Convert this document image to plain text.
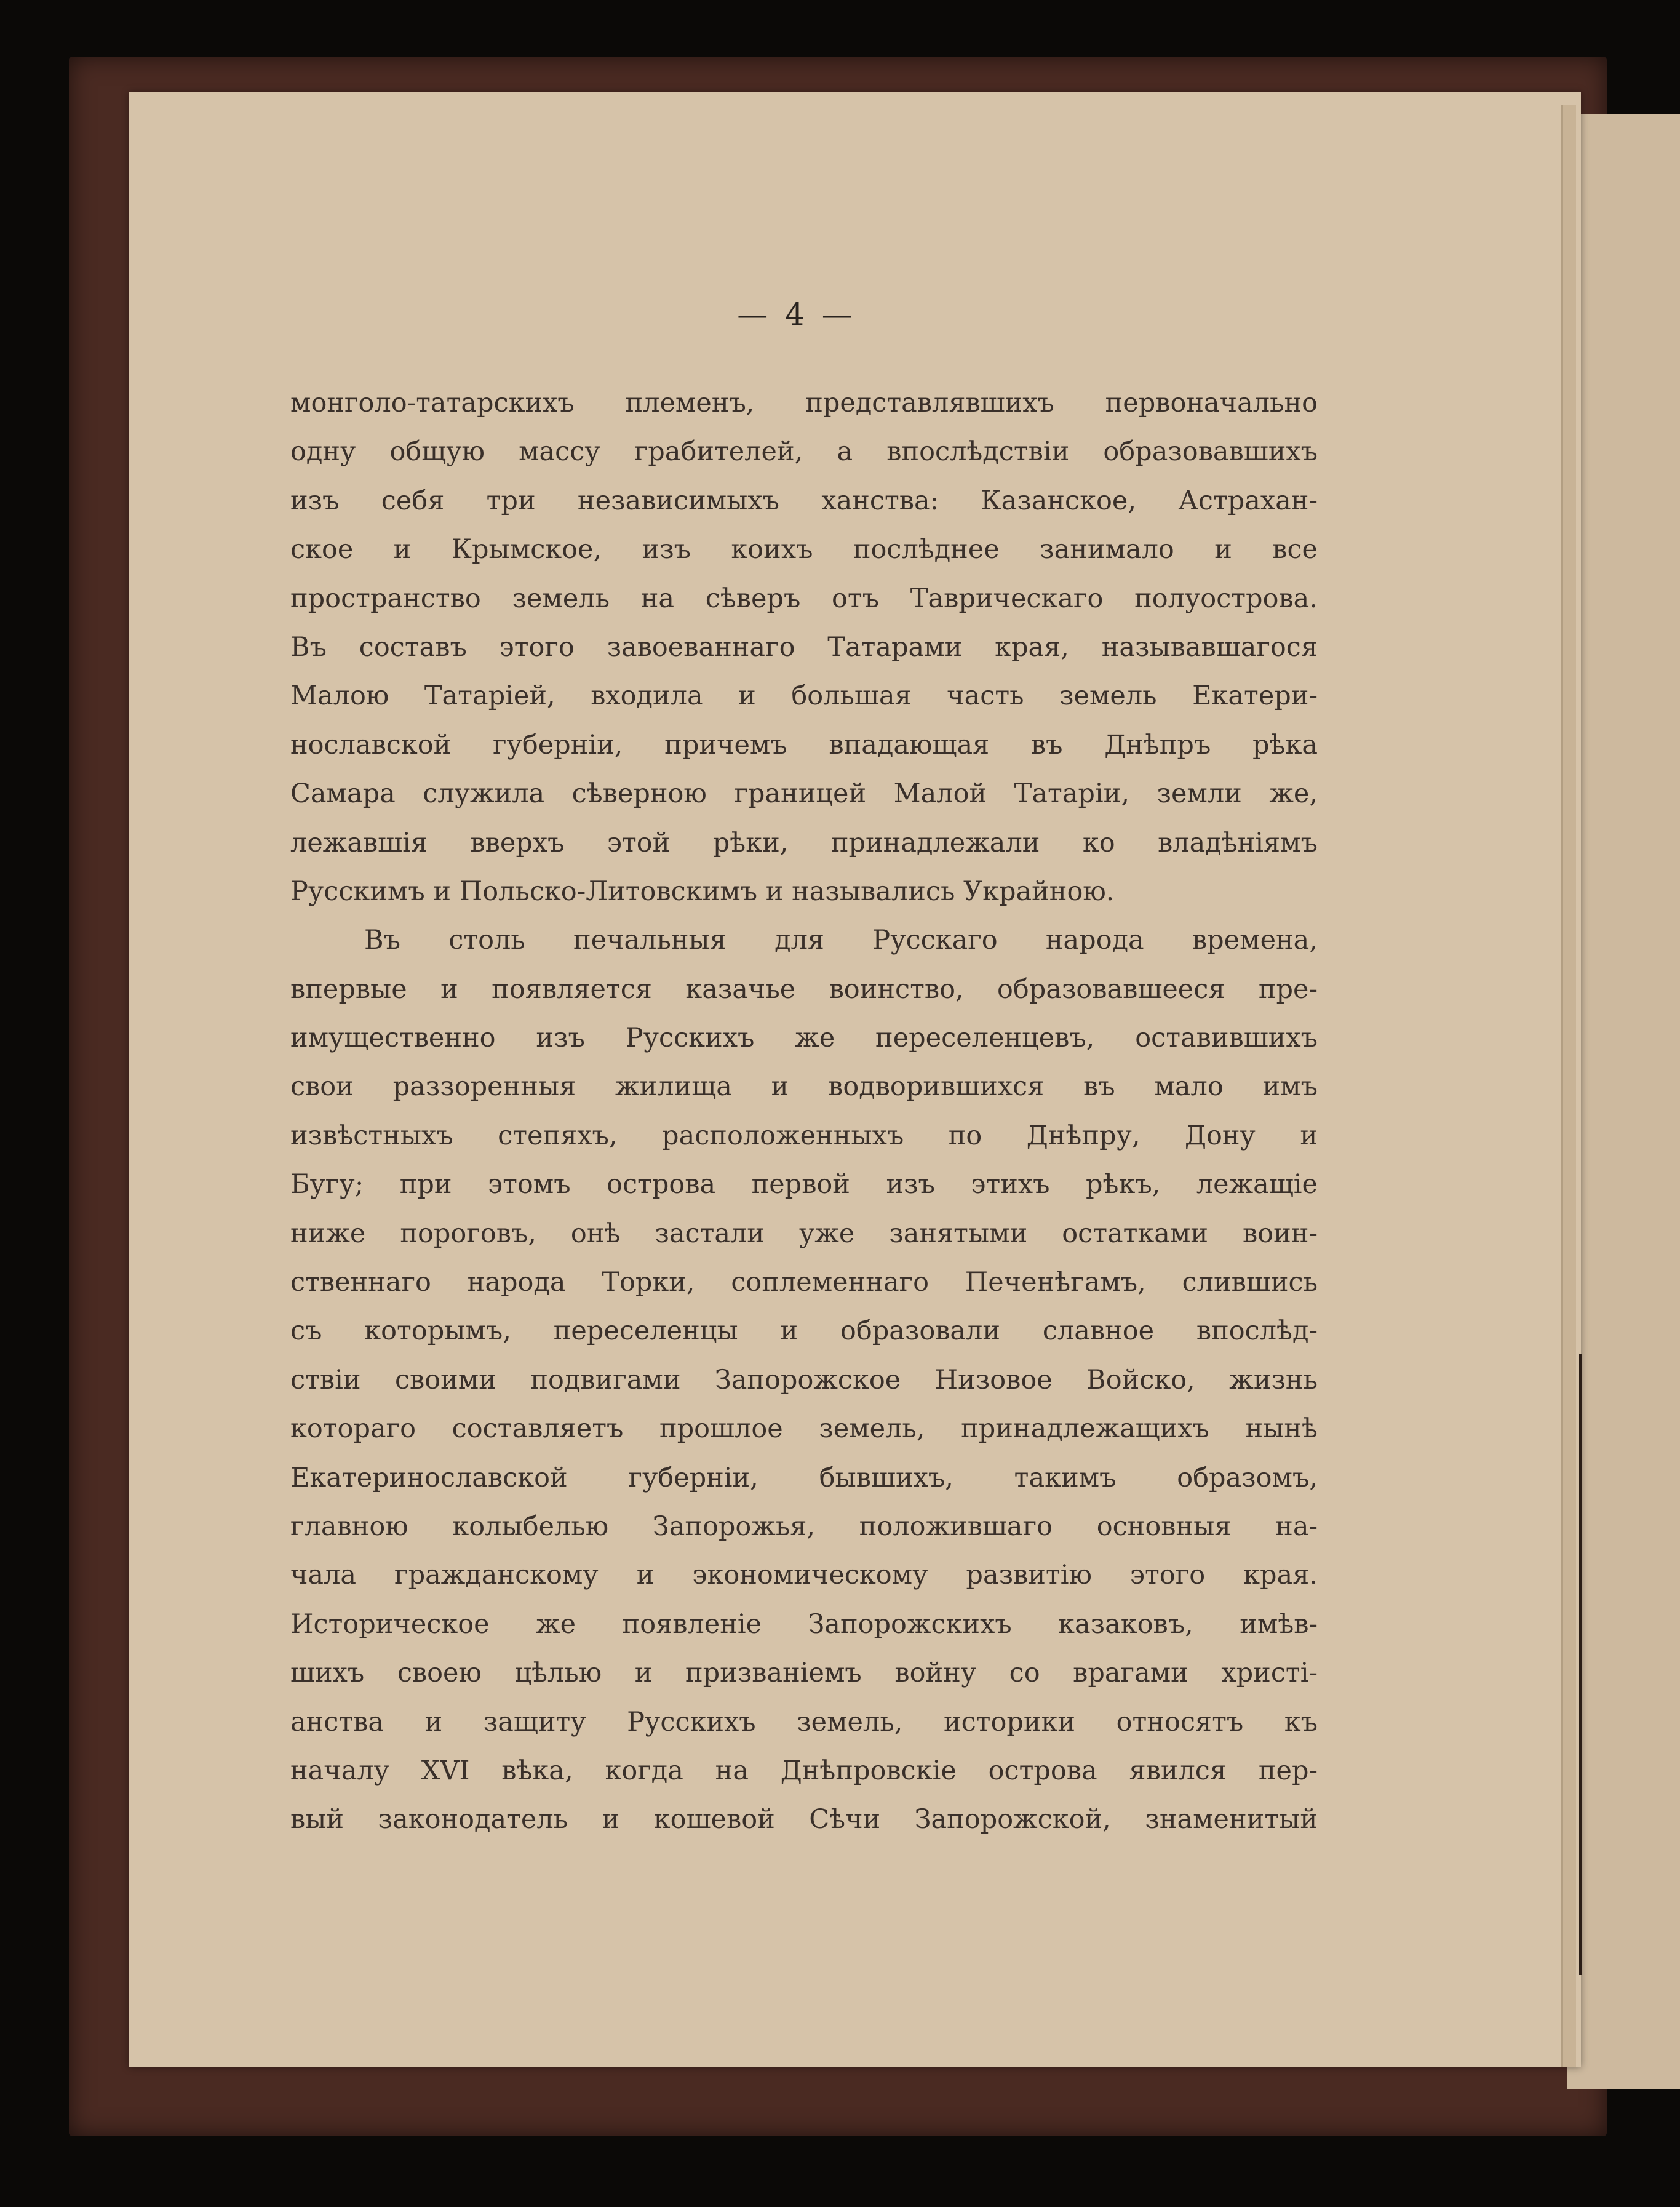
— 4 —
монголо-татарскихъ племенъ, представлявшихъ первоначально
одну общую массу грабителей, а впослѣдствіи образовавшихъ
изъ себя три независимыхъ ханства: Казанское, Астрахан-
ское и Крымское, изъ коихъ послѣднее занимало и все
пространство земель на сѣверъ отъ Таврическаго полуострова.
Въ составъ этого завоеваннаго Татарами края, называвшагося
Малою Татаріей, входила и большая часть земель Екатери-
нославской губерніи, причемъ впадающая въ Днѣпръ рѣка
Самара служила сѣверною границей Малой Татаріи, земли же,
лежавшія вверхъ этой рѣки, принадлежали ко владѣніямъ
Русскимъ и Польско-Литовскимъ и назывались Украйною.
Въ столь печальныя для Русскаго народа времена,
впервые и появляется казачье воинство, образовавшееся пре-
имущественно изъ Русскихъ же переселенцевъ, оставившихъ
свои раззоренныя жилища и водворившихся въ мало имъ
извѣстныхъ степяхъ, расположенныхъ по Днѣпру, Дону и
Бугу; при этомъ острова первой изъ этихъ рѣкъ, лежащіе
ниже пороговъ, онѣ застали уже занятыми остатками воин-
ственнаго народа Торки, соплеменнаго Печенѣгамъ, слившись
съ которымъ, переселенцы и образовали славное впослѣд-
ствіи своими подвигами Запорожское Низовое Войско, жизнь
котораго составляетъ прошлое земель, принадлежащихъ нынѣ
Екатеринославской губерніи, бывшихъ, такимъ образомъ,
главною колыбелью Запорожья, положившаго основныя на-
чала гражданскому и экономическому развитію этого края.
Историческое же появленіе Запорожскихъ казаковъ, имѣв-
шихъ своею цѣлью и призваніемъ войну со врагами христі-
анства и защиту Русскихъ земель, историки относятъ къ
началу XVI вѣка, когда на Днѣпровскіе острова явился пер-
вый законодатель и кошевой Сѣчи Запорожской, знаменитый
